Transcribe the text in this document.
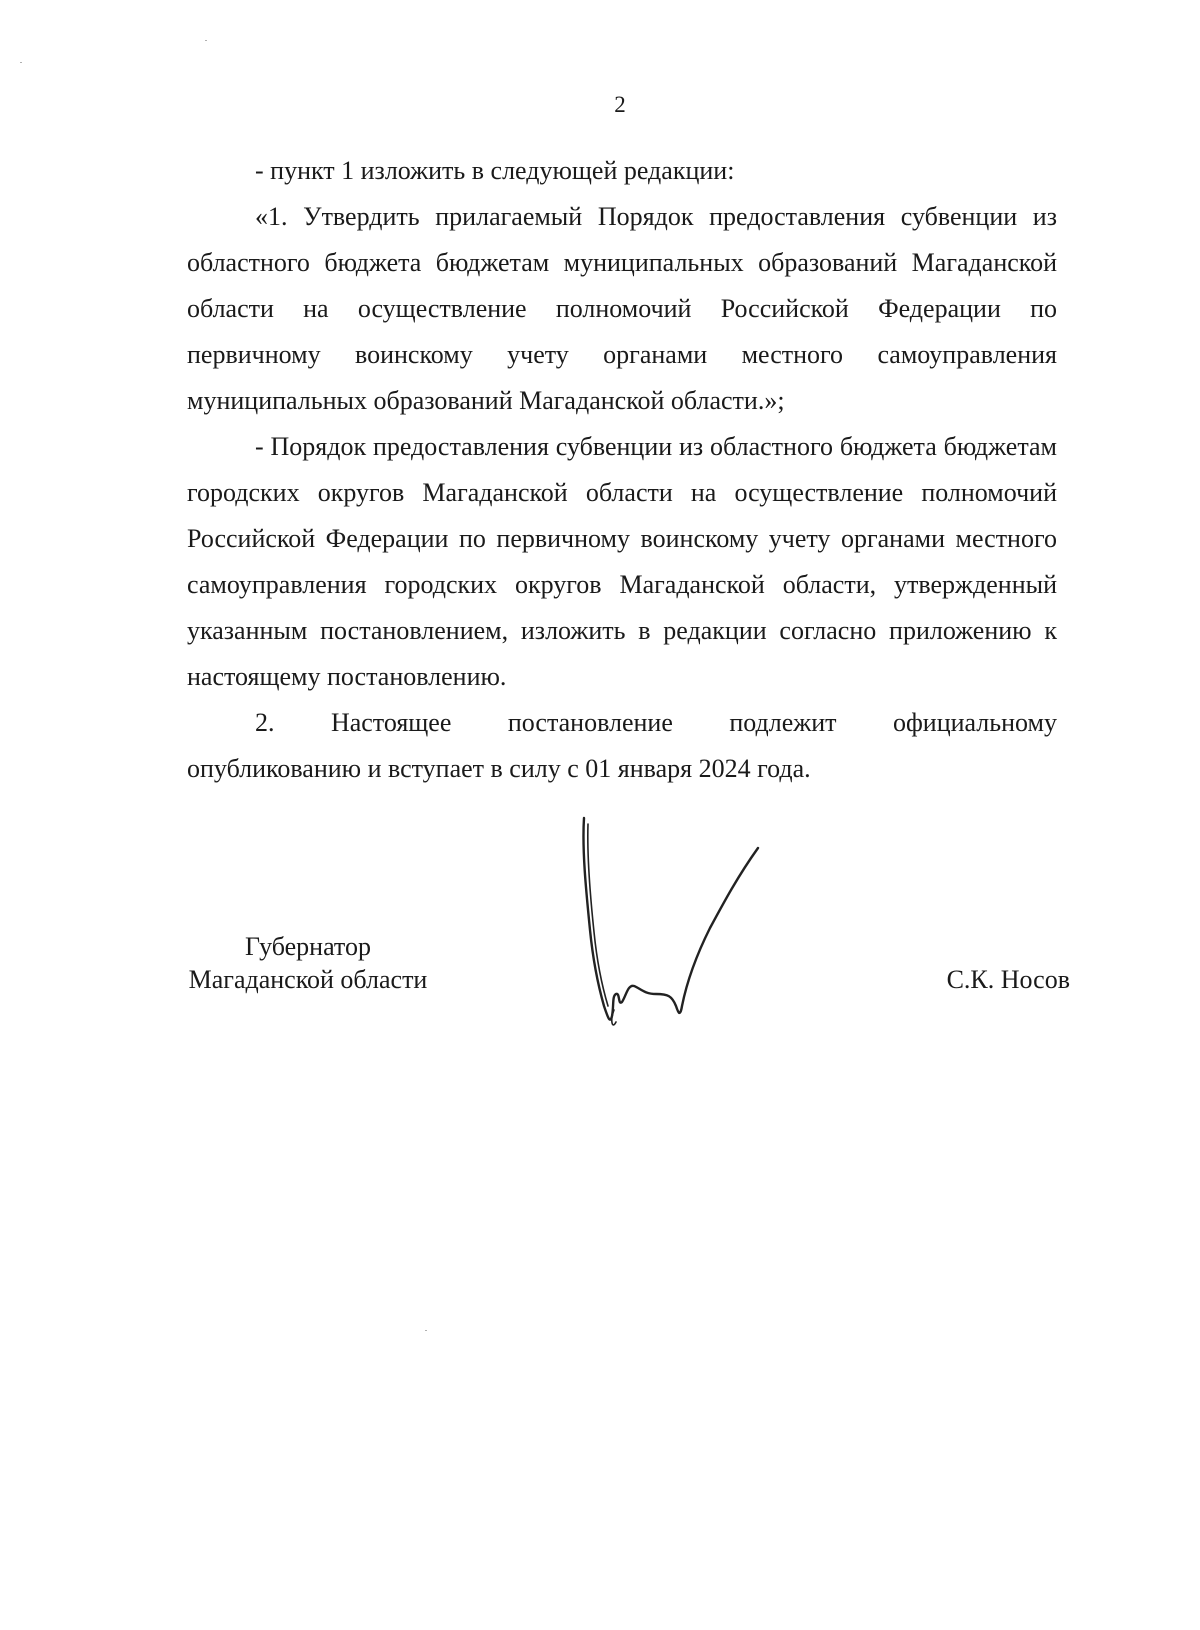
2

- пункт 1 изложить в следующей редакции:

«1. Утвердить прилагаемый Порядок предоставления субвенции из областного бюджета бюджетам муниципальных образований Магаданской области на осуществление полномочий Российской Федерации по первичному воинскому учету органами местного самоуправления муниципальных образований Магаданской области.»;

- Порядок предоставления субвенции из областного бюджета бюджетам городских округов Магаданской области на осуществление полномочий Российской Федерации по первичному воинскому учету органами местного самоуправления городских округов Магаданской области, утвержденный указанным постановлением, изложить в редакции согласно приложению к настоящему постановлению.

2. Настоящее постановление подлежит официальному

опубликованию и вступает в силу с 01 января 2024 года.

Губернатор
Магаданской области	С.К. Носов
